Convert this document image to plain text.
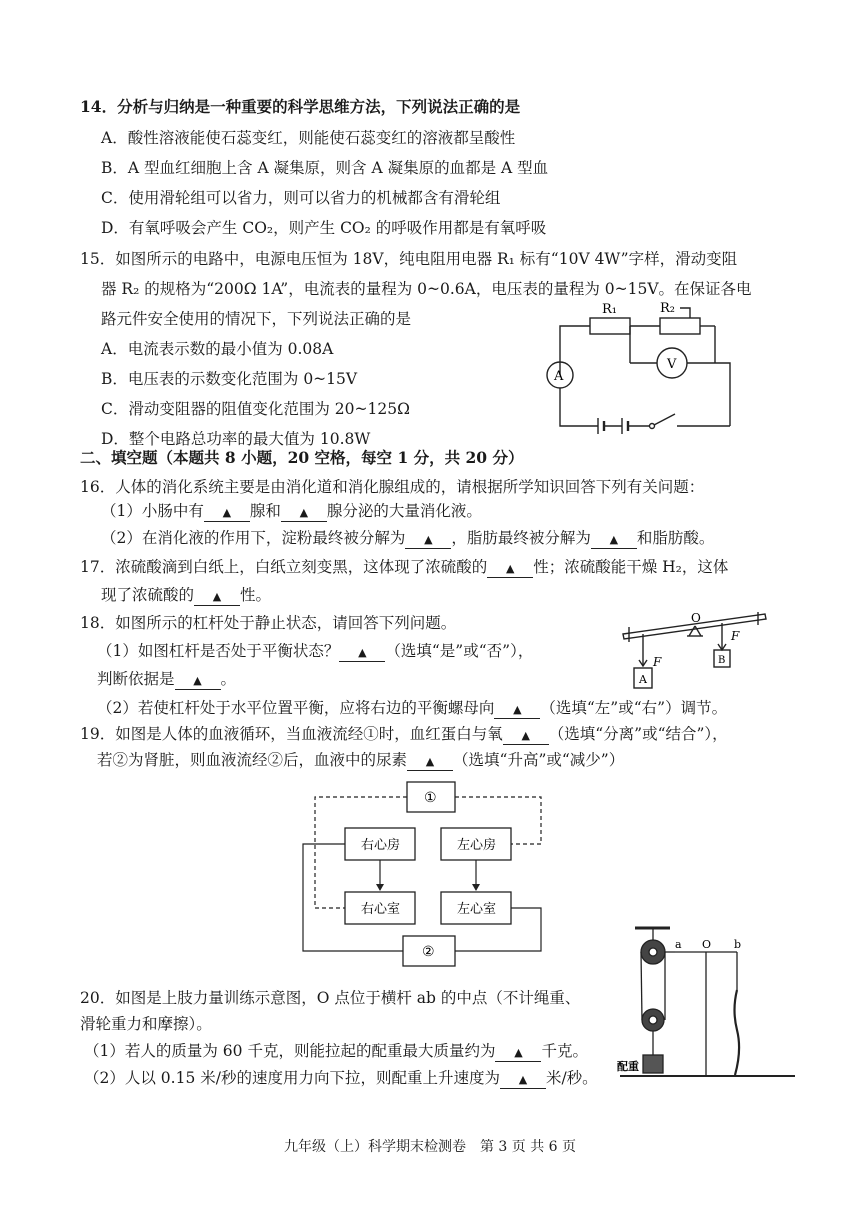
14．分析与归纳是一种重要的科学思维方法，下列说法正确的是
A．酸性溶液能使石蕊变红，则能使石蕊变红的溶液都呈酸性
B．A 型血红细胞上含 A 凝集原，则含 A 凝集原的血都是 A 型血
C．使用滑轮组可以省力，则可以省力的机械都含有滑轮组
D．有氧呼吸会产生 CO₂，则产生 CO₂ 的呼吸作用都是有氧呼吸
15．如图所示的电路中，电源电压恒为 18V，纯电阻用电器 R₁ 标有“10V 4W”字样，滑动变阻
器 R₂ 的规格为“200Ω 1A”，电流表的量程为 0~0.6A，电压表的量程为 0~15V。在保证各电
路元件安全使用的情况下，下列说法正确的是
A．电流表示数的最小值为 0.08A
B．电压表的示数变化范围为 0~15V
C．滑动变阻器的阻值变化范围为 20~125Ω
D．整个电路总功率的最大值为 10.8W
R₁	R₂
A
V
二、填空题（本题共 8 小题，20 空格，每空 1 分，共 20 分）
16．人体的消化系统主要是由消化道和消化腺组成的，请根据所学知识回答下列有关问题：
（1）小肠中有 ▲ 腺和 ▲ 腺分泌的大量消化液。
（2）在消化液的作用下，淀粉最终被分解为 ▲ ，脂肪最终被分解为 ▲ 和脂肪酸。
17．浓硫酸滴到白纸上，白纸立刻变黑，这体现了浓硫酸的 ▲ 性；浓硫酸能干燥 H₂，这体
现了浓硫酸的 ▲ 性。
18．如图所示的杠杆处于静止状态，请回答下列问题。
（1）如图杠杆是否处于平衡状态？ ▲ （选填“是”或“否”），
判断依据是 ▲ 。
（2）若使杠杆处于水平位置平衡，应将右边的平衡螺母向 ▲ （选填“左”或“右”）调节。
O
F
F
A
B
19．如图是人体的血液循环，当血液流经①时，血红蛋白与氧 ▲ （选填“分离”或“结合”），
若②为肾脏，则血液流经②后，血液中的尿素 ▲ （选填“升高”或“减少”）
①
右心房	左心房
右心室	左心室
②
20．如图是上肢力量训练示意图，O 点位于横杆 ab 的中点（不计绳重、
滑轮重力和摩擦）。
（1）若人的质量为 60 千克，则能拉起的配重最大质量约为 ▲ 千克。
（2）人以 0.15 米/秒的速度用力向下拉，则配重上升速度为 ▲ 米/秒。
a O b
配重
九年级（上）科学期末检测卷　第 3 页 共 6 页
